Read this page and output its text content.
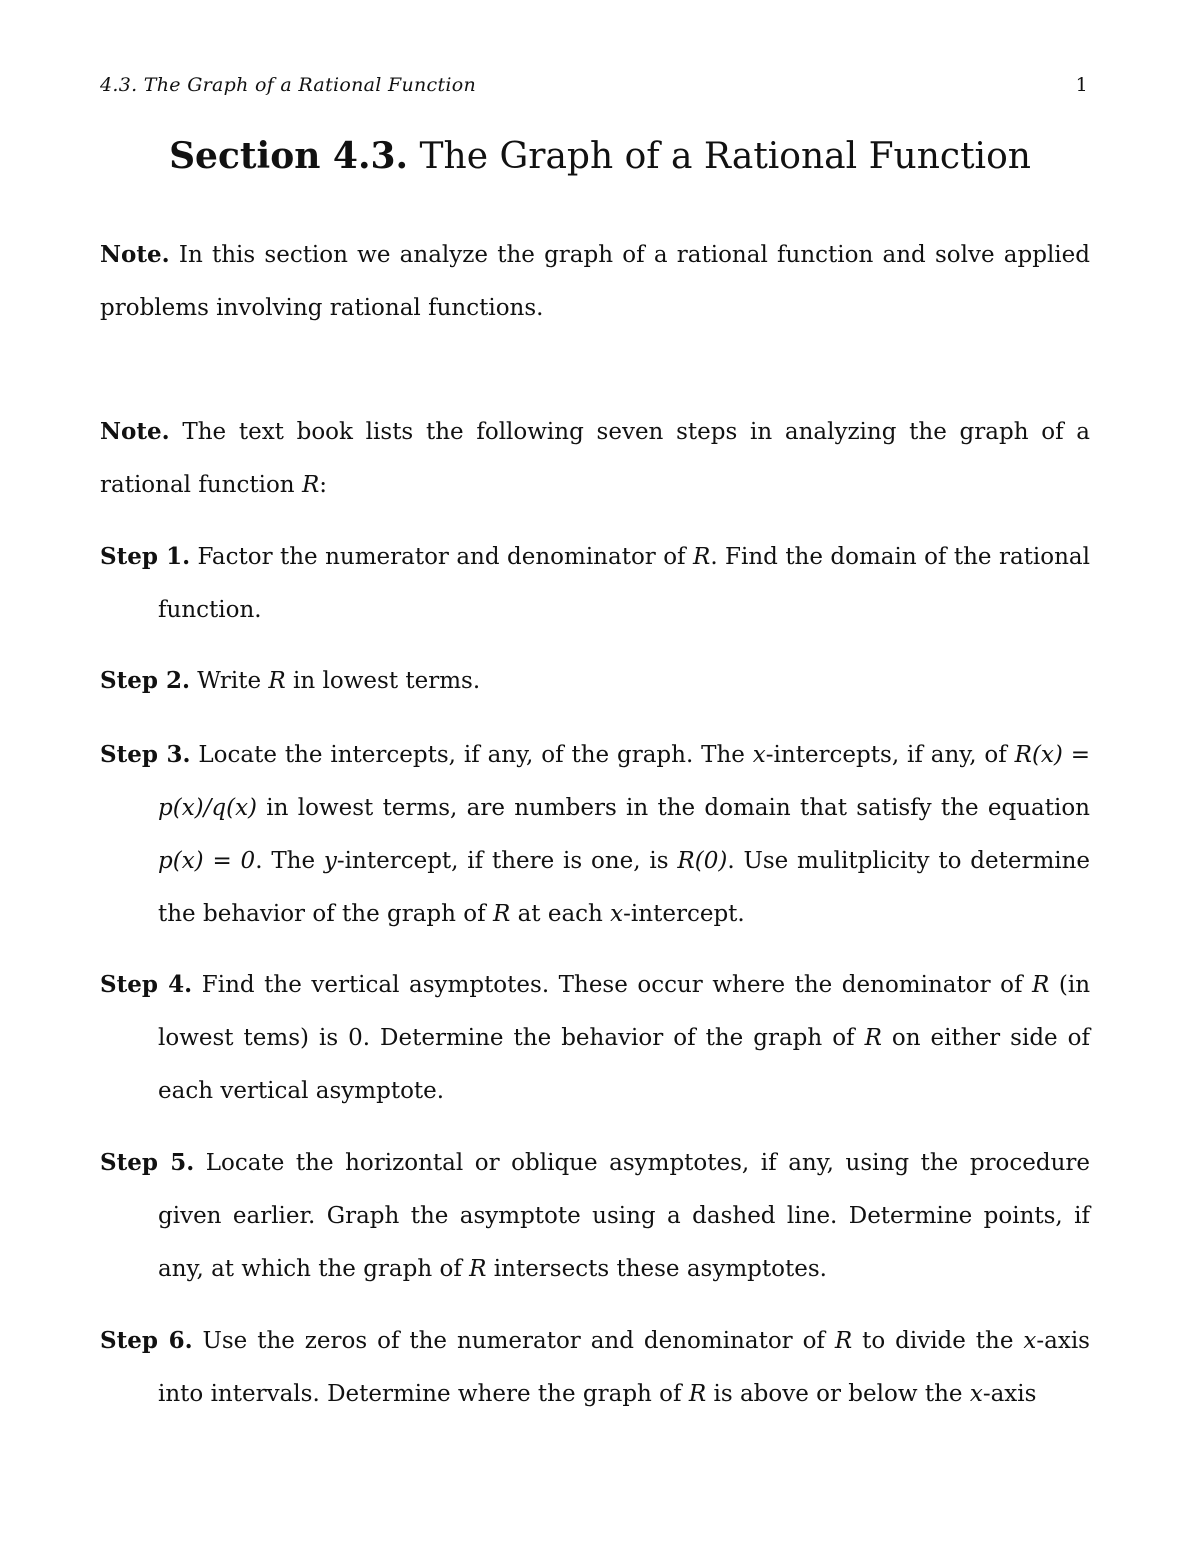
4.3. The Graph of a Rational Function	1
Section 4.3. The Graph of a Rational Function
Note. In this section we analyze the graph of a rational function and solve applied problems involving rational functions.
Note. The text book lists the following seven steps in analyzing the graph of a rational function R:
Step 1. Factor the numerator and denominator of R. Find the domain of the rational function.
Step 2. Write R in lowest terms.
Step 3. Locate the intercepts, if any, of the graph. The x-intercepts, if any, of R(x) = p(x)/q(x) in lowest terms, are numbers in the domain that satisfy the equation p(x) = 0. The y-intercept, if there is one, is R(0). Use mulitplicity to determine the behavior of the graph of R at each x-intercept.
Step 4. Find the vertical asymptotes. These occur where the denominator of R (in lowest tems) is 0. Determine the behavior of the graph of R on either side of each vertical asymptote.
Step 5. Locate the horizontal or oblique asymptotes, if any, using the procedure given earlier. Graph the asymptote using a dashed line. Determine points, if any, at which the graph of R intersects these asymptotes.
Step 6. Use the zeros of the numerator and denominator of R to divide the x-axis into intervals. Determine where the graph of R is above or below the x-axis
